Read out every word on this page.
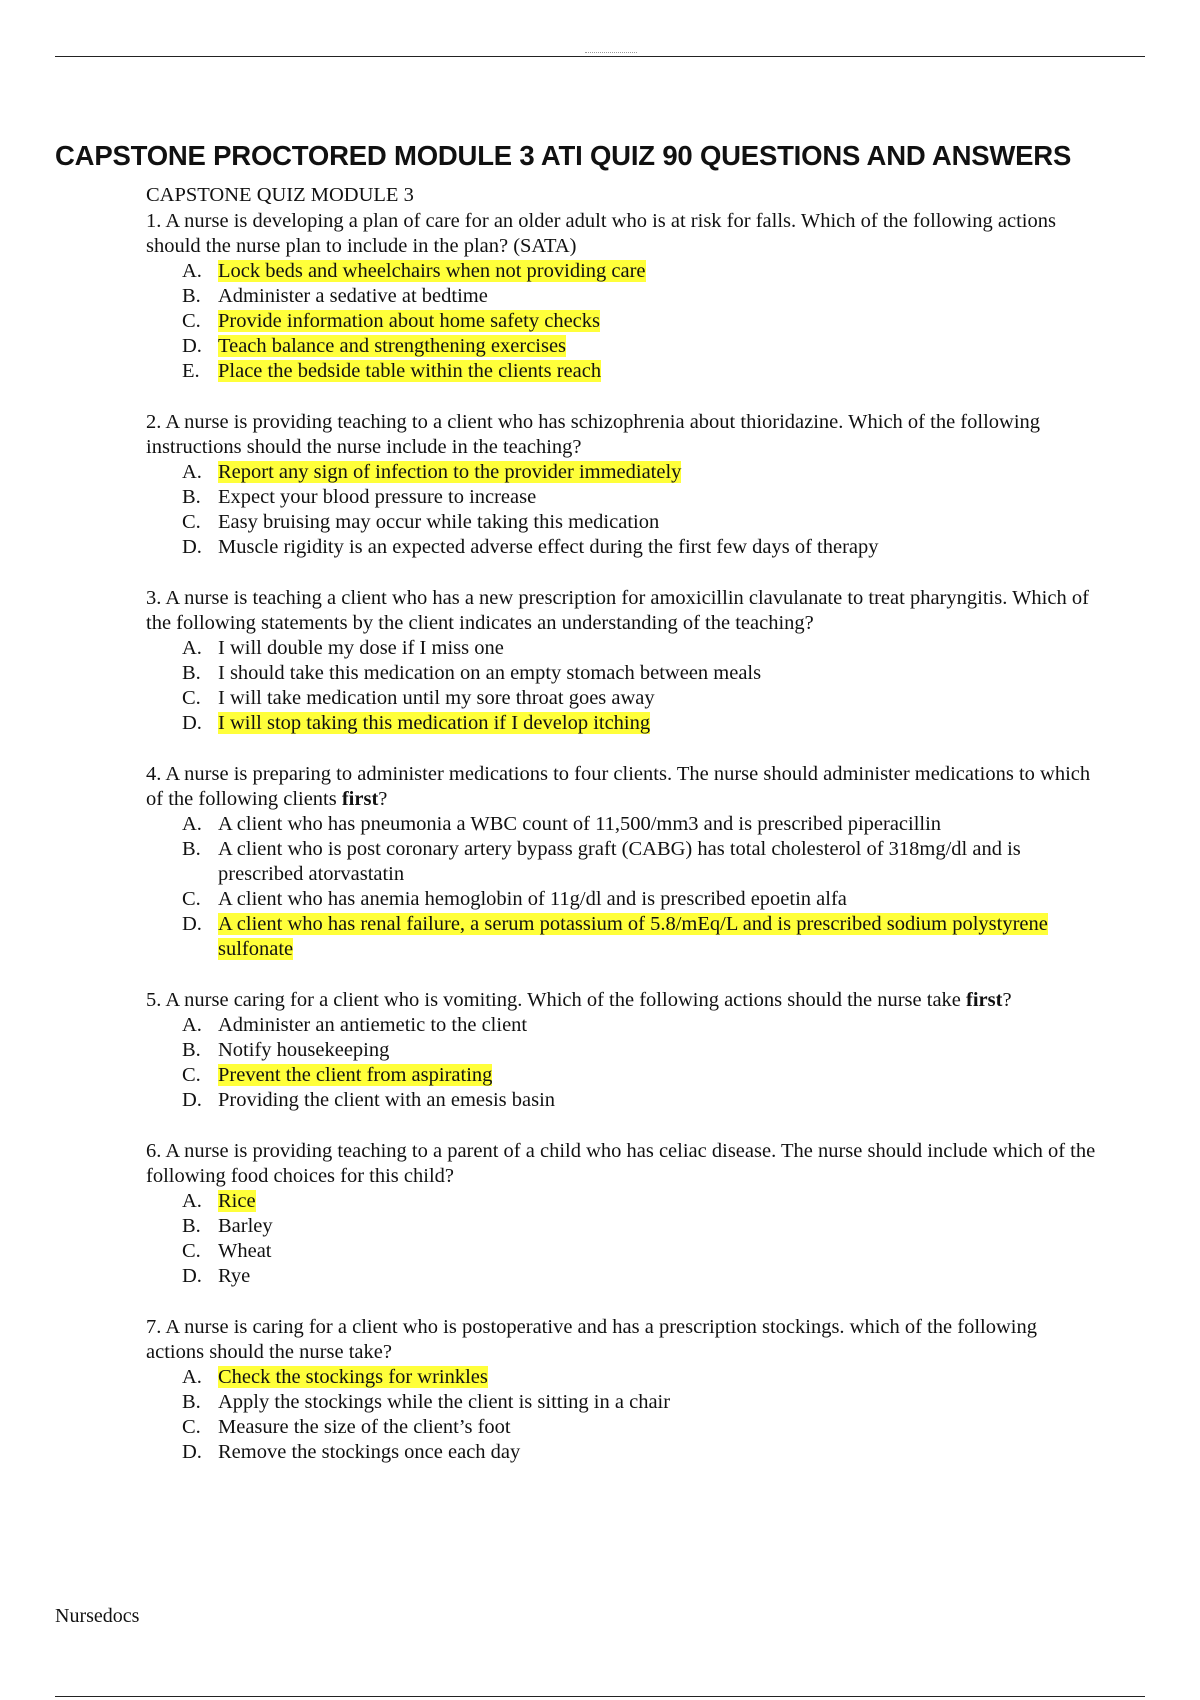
CAPSTONE PROCTORED MODULE 3 ATI QUIZ 90 QUESTIONS AND ANSWERS

CAPSTONE QUIZ MODULE 3

1. A nurse is developing a plan of care for an older adult who is at risk for falls. Which of the following actions should the nurse plan to include in the plan? (SATA)

A. Lock beds and wheelchairs when not providing care
B. Administer a sedative at bedtime
C. Provide information about home safety checks
D. Teach balance and strengthening exercises
E. Place the bedside table within the clients reach

2. A nurse is providing teaching to a client who has schizophrenia about thioridazine. Which of the following instructions should the nurse include in the teaching?

A. Report any sign of infection to the provider immediately
B. Expect your blood pressure to increase
C. Easy bruising may occur while taking this medication
D. Muscle rigidity is an expected adverse effect during the first few days of therapy

3. A nurse is teaching a client who has a new prescription for amoxicillin clavulanate to treat pharyngitis. Which of the following statements by the client indicates an understanding of the teaching?

A. I will double my dose if I miss one
B. I should take this medication on an empty stomach between meals
C. I will take medication until my sore throat goes away
D. I will stop taking this medication if I develop itching

4. A nurse is preparing to administer medications to four clients. The nurse should administer medications to which of the following clients first?

A. A client who has pneumonia a WBC count of 11,500/mm3 and is prescribed piperacillin
B. A client who is post coronary artery bypass graft (CABG) has total cholesterol of 318mg/dl and is prescribed atorvastatin
C. A client who has anemia hemoglobin of 11g/dl and is prescribed epoetin alfa
D. A client who has renal failure, a serum potassium of 5.8/mEq/L and is prescribed sodium polystyrene sulfonate

5. A nurse caring for a client who is vomiting. Which of the following actions should the nurse take first?

A. Administer an antiemetic to the client
B. Notify housekeeping
C. Prevent the client from aspirating
D. Providing the client with an emesis basin

6. A nurse is providing teaching to a parent of a child who has celiac disease. The nurse should include which of the following food choices for this child?

A. Rice
B. Barley
C. Wheat
D. Rye

7. A nurse is caring for a client who is postoperative and has a prescription stockings. which of the following actions should the nurse take?

A. Check the stockings for wrinkles
B. Apply the stockings while the client is sitting in a chair
C. Measure the size of the client’s foot
D. Remove the stockings once each day
Nursedocs
